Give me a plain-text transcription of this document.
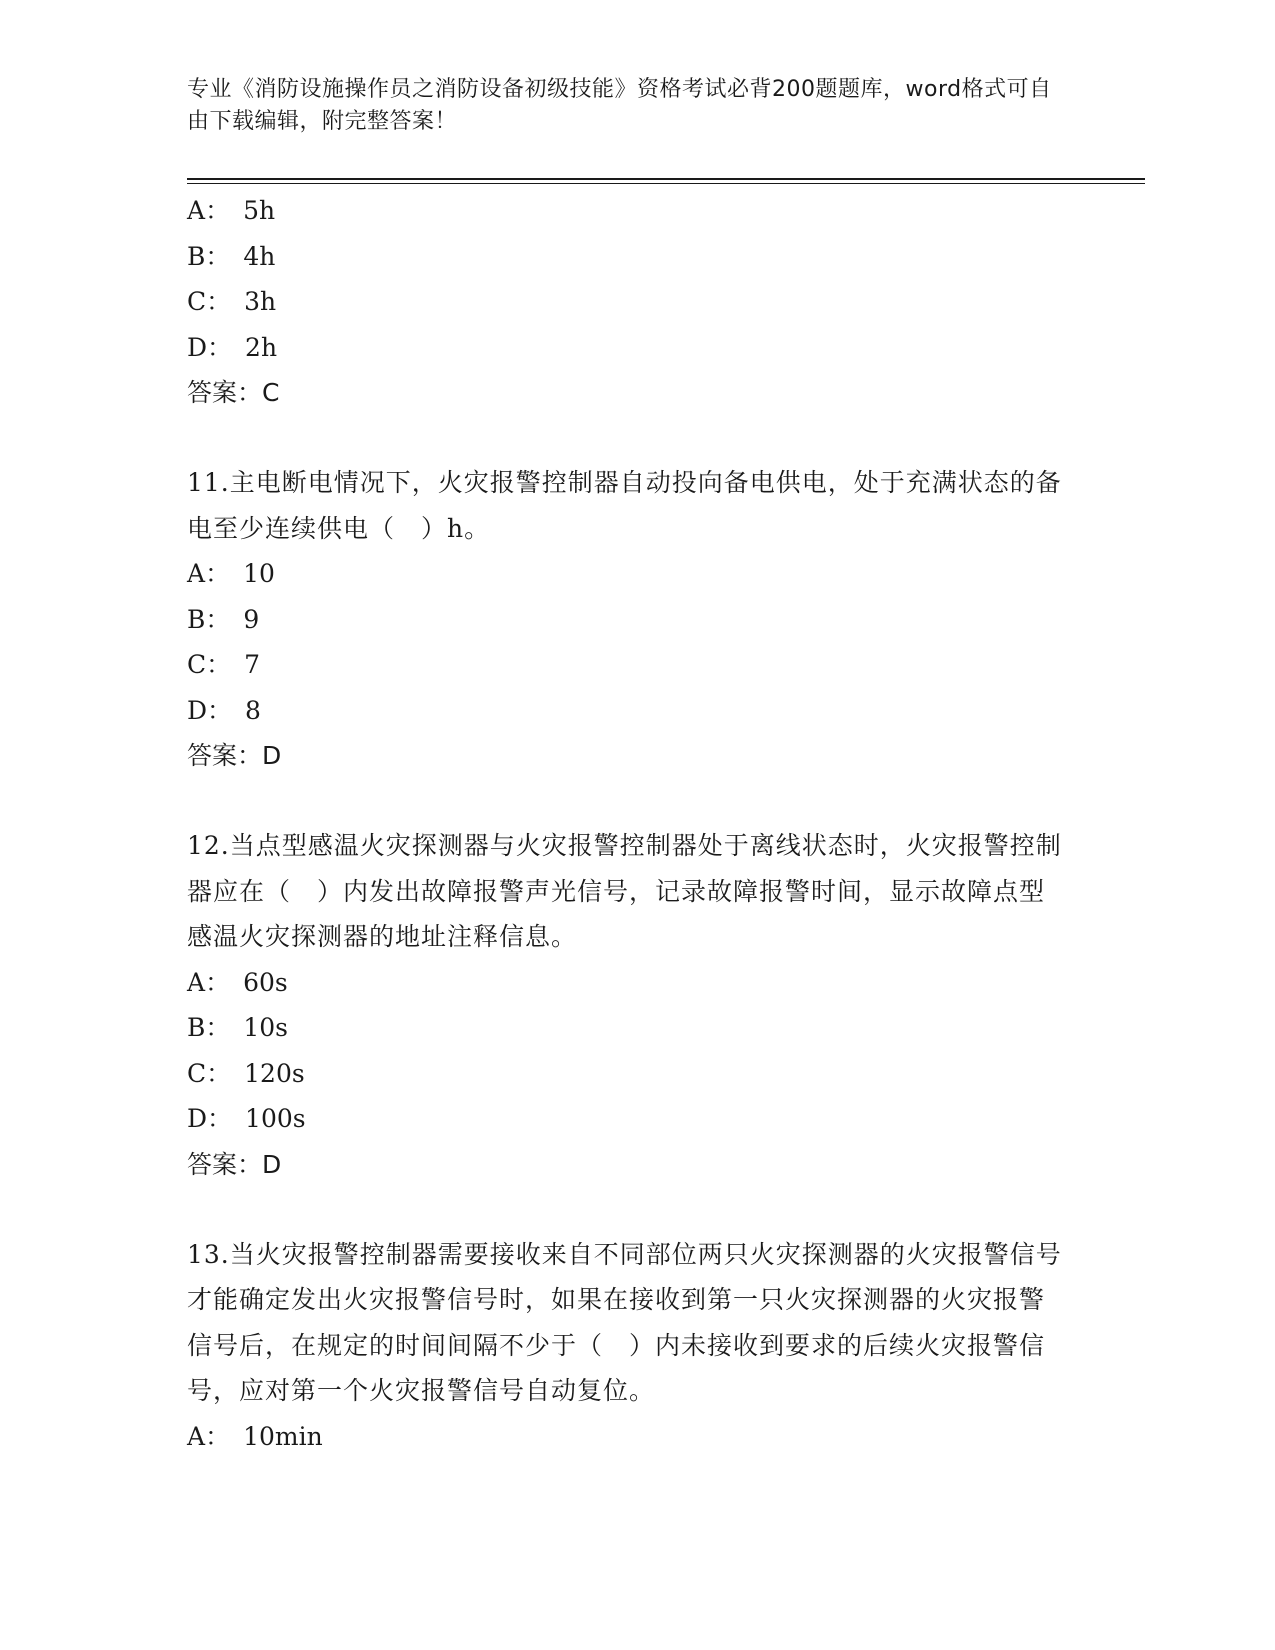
专业《消防设施操作员之消防设备初级技能》资格考试必背200题题库，word格式可自由下载编辑，附完整答案！
A： 5h
B： 4h
C： 3h
D： 2h
答案：C
11.主电断电情况下，火灾报警控制器自动投向备电供电，处于充满状态的备电至少连续供电（　）h。
A： 10
B： 9
C： 7
D： 8
答案：D
12.当点型感温火灾探测器与火灾报警控制器处于离线状态时，火灾报警控制器应在（　）内发出故障报警声光信号，记录故障报警时间，显示故障点型感温火灾探测器的地址注释信息。
A： 60s
B： 10s
C： 120s
D： 100s
答案：D
13.当火灾报警控制器需要接收来自不同部位两只火灾探测器的火灾报警信号才能确定发出火灾报警信号时，如果在接收到第一只火灾探测器的火灾报警信号后，在规定的时间间隔不少于（　）内未接收到要求的后续火灾报警信号，应对第一个火灾报警信号自动复位。
A： 10min
